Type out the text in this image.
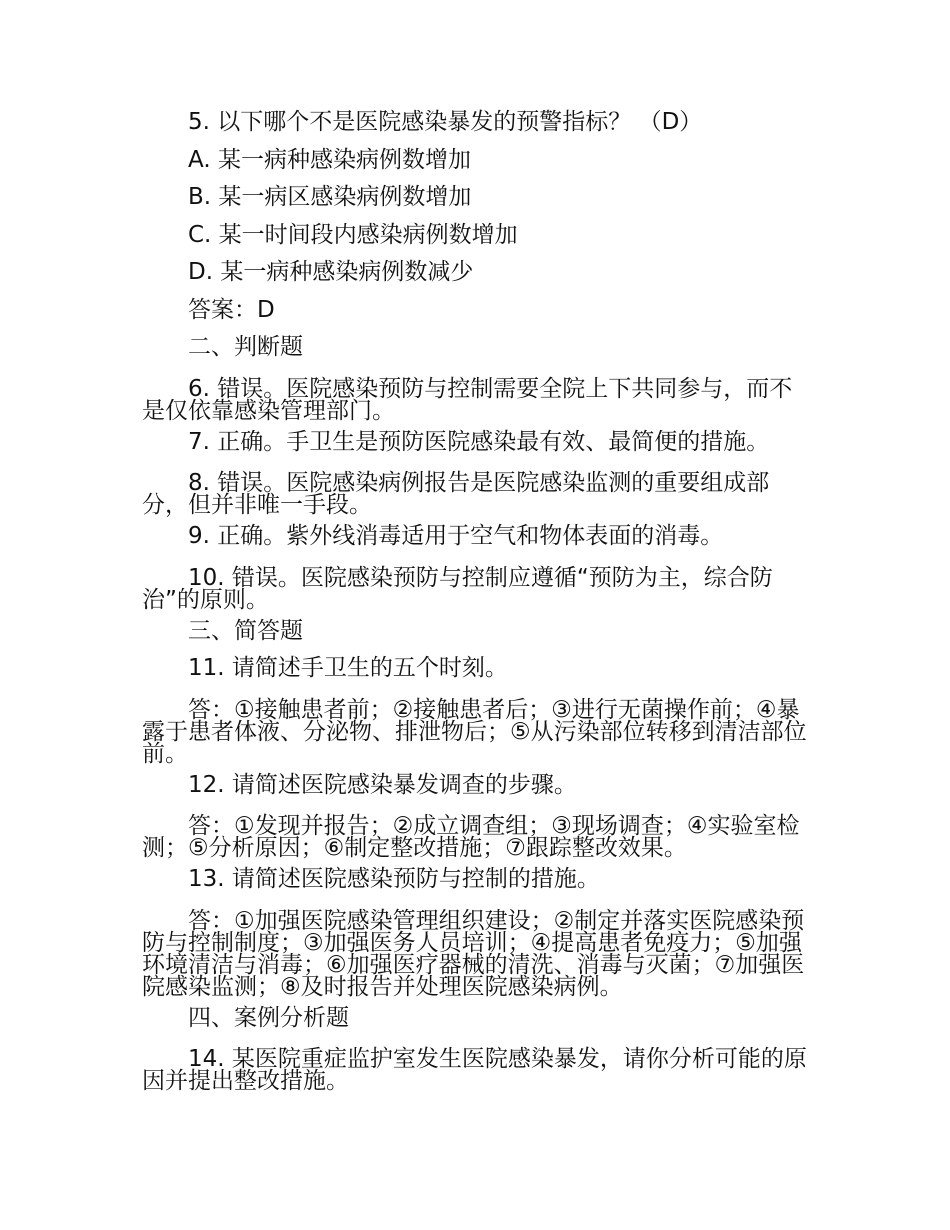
5. 以下哪个不是医院感染暴发的预警指标？ （D）

A. 某一病种感染病例数增加

B. 某一病区感染病例数增加

C. 某一时间段内感染病例数增加

D. 某一病种感染病例数减少

答案：D

二、判断题

6. 错误。医院感染预防与控制需要全院上下共同参与，而不是仅依靠感染管理部门。

7. 正确。手卫生是预防医院感染最有效、最简便的措施。

8. 错误。医院感染病例报告是医院感染监测的重要组成部分，但并非唯一手段。

9. 正确。紫外线消毒适用于空气和物体表面的消毒。

10. 错误。医院感染预防与控制应遵循“预防为主，综合防治”的原则。

三、简答题

11. 请简述手卫生的五个时刻。

答：①接触患者前；②接触患者后；③进行无菌操作前；④暴露于患者体液、分泌物、排泄物后；⑤从污染部位转移到清洁部位前。

12. 请简述医院感染暴发调查的步骤。

答：①发现并报告；②成立调查组；③现场调查；④实验室检测；⑤分析原因；⑥制定整改措施；⑦跟踪整改效果。

13. 请简述医院感染预防与控制的措施。

答：①加强医院感染管理组织建设；②制定并落实医院感染预防与控制制度；③加强医务人员培训；④提高患者免疫力；⑤加强环境清洁与消毒；⑥加强医疗器械的清洗、消毒与灭菌；⑦加强医院感染监测；⑧及时报告并处理医院感染病例。

四、案例分析题

14. 某医院重症监护室发生医院感染暴发，请你分析可能的原因并提出整改措施。
